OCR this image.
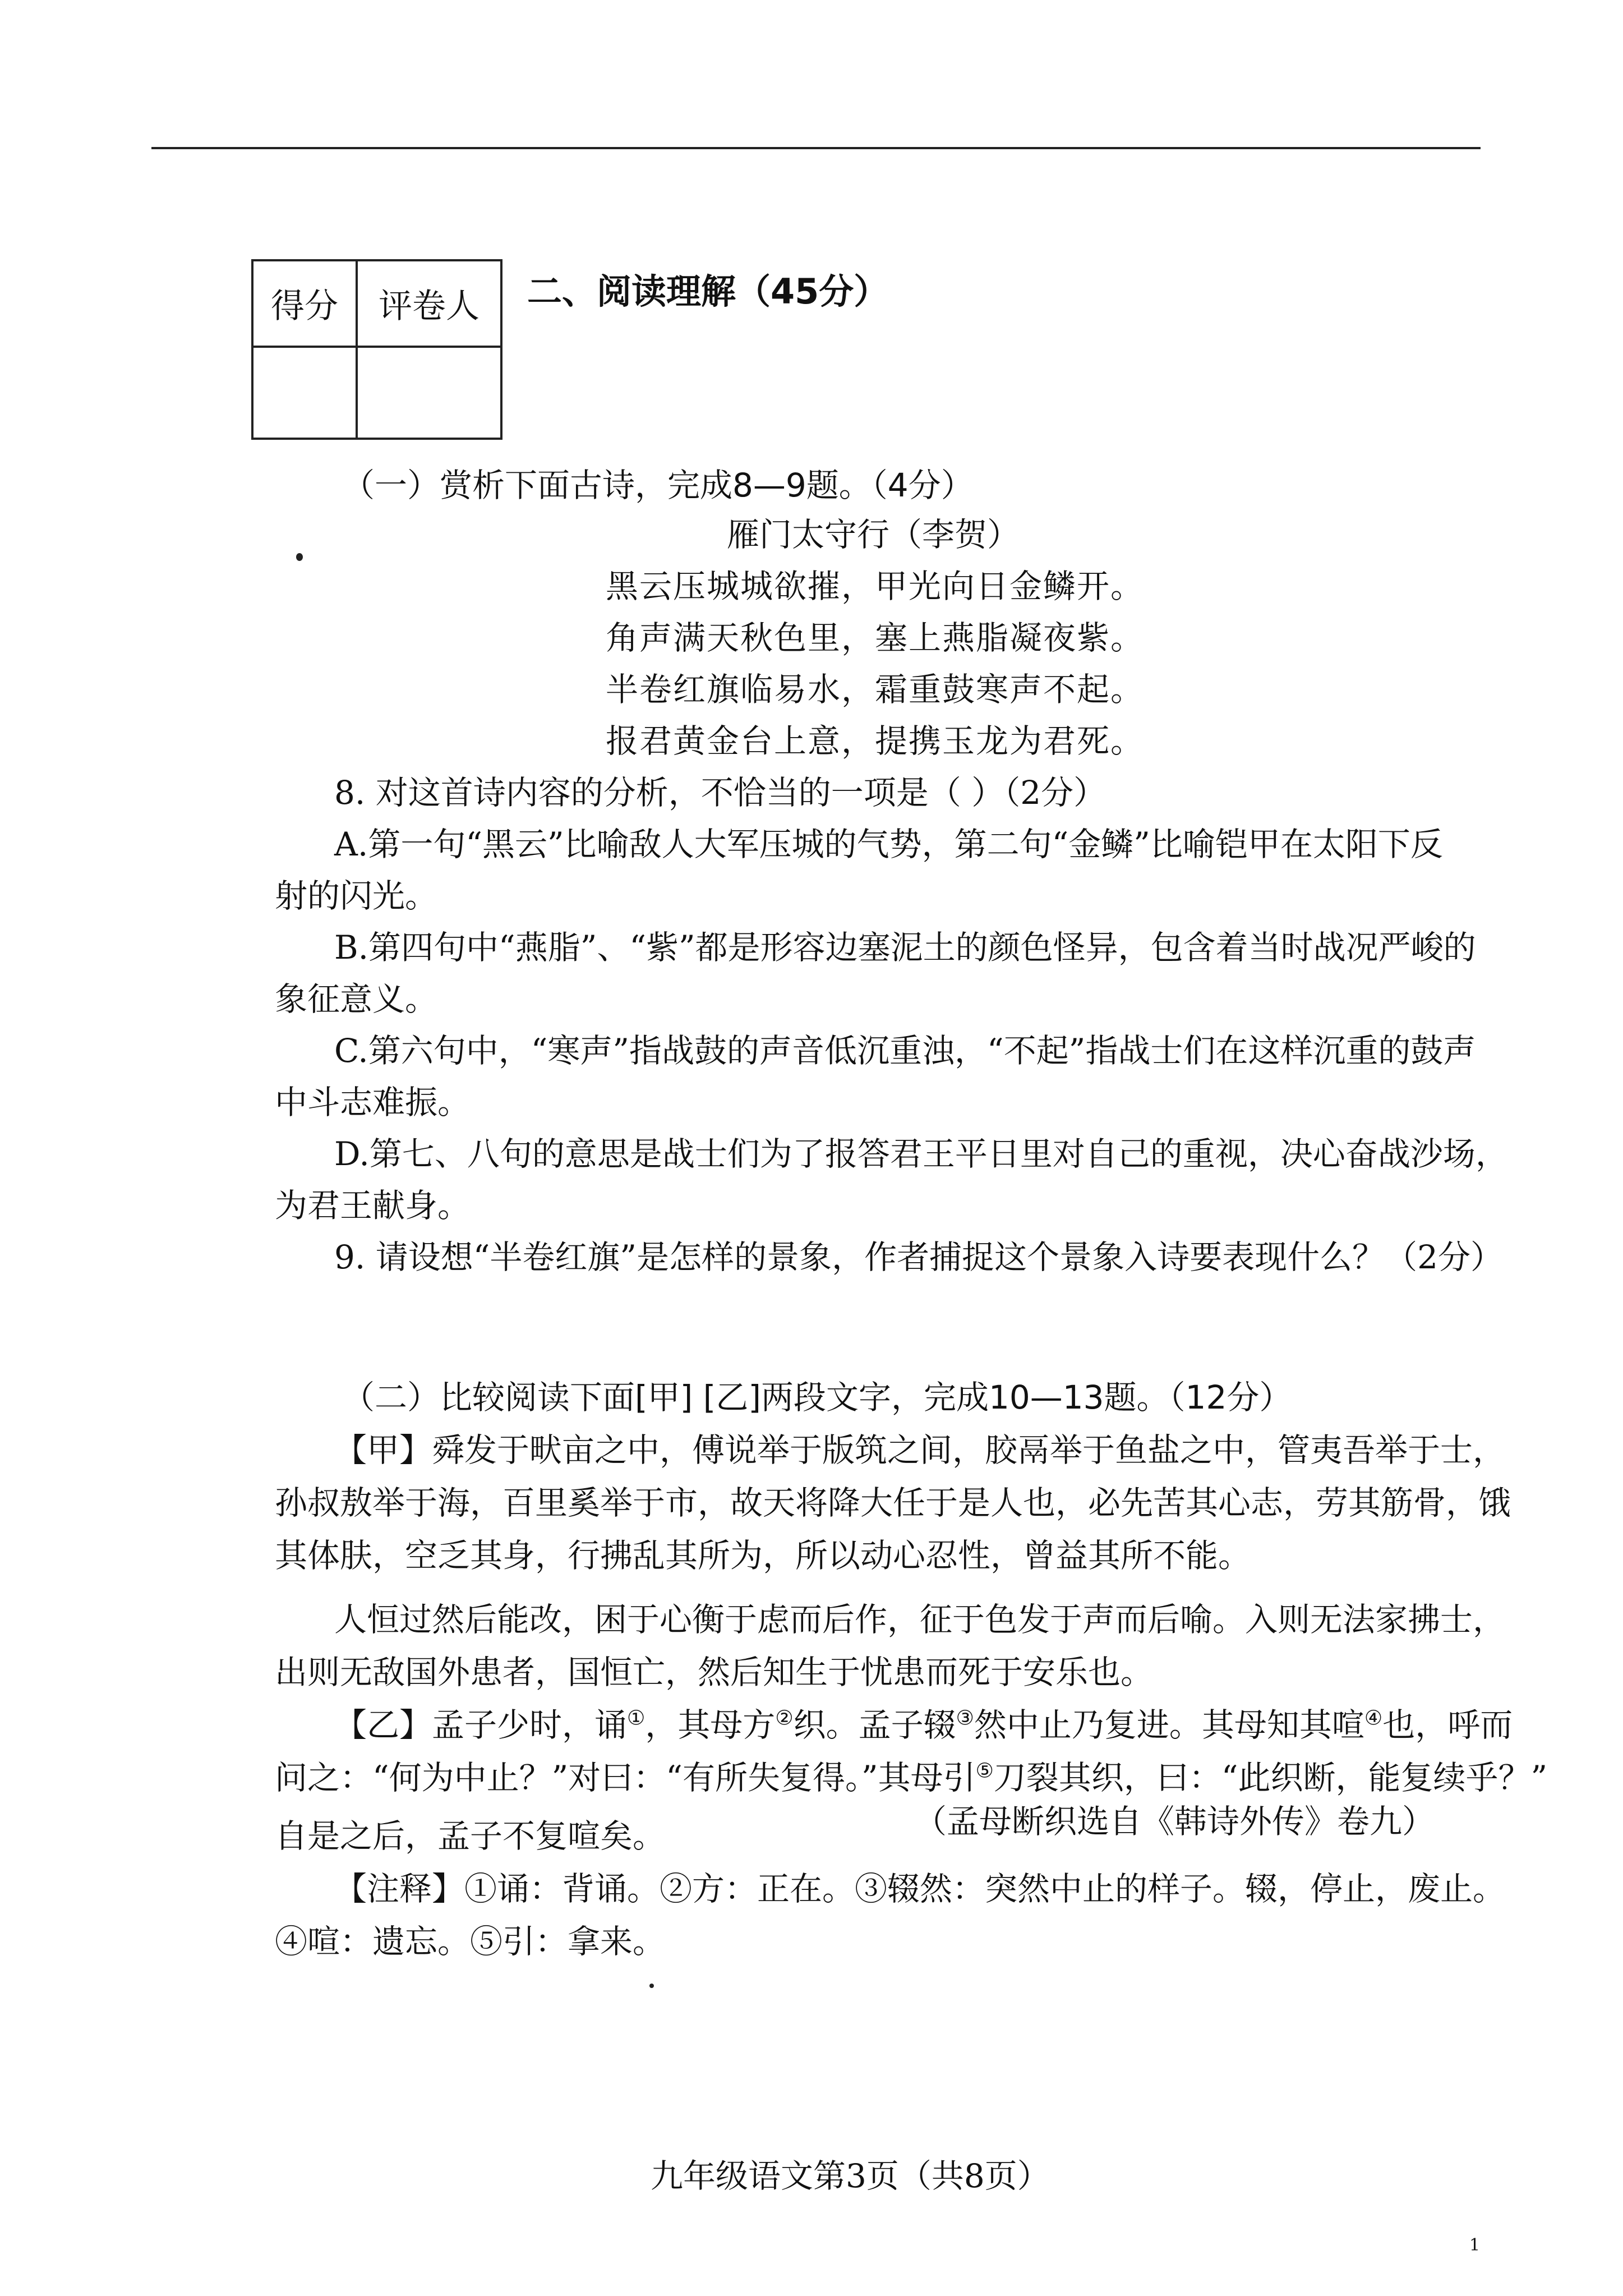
得分	评卷人
	二、阅读理解（45分）
（一）赏析下面古诗，完成8—9题。（4分）
雁门太守行（李贺）
黑云压城城欲摧，甲光向日金鳞开。
角声满天秋色里，塞上燕脂凝夜紫。
半卷红旗临易水，霜重鼓寒声不起。
报君黄金台上意，提携玉龙为君死。
8. 对这首诗内容的分析，不恰当的一项是（ ）（2分）
A.第一句“黑云”比喻敌人大军压城的气势，第二句“金鳞”比喻铠甲在太阳下反
射的闪光。
B.第四句中“燕脂”、“紫”都是形容边塞泥土的颜色怪异，包含着当时战况严峻的
象征意义。
C.第六句中，“寒声”指战鼓的声音低沉重浊，“不起”指战士们在这样沉重的鼓声
中斗志难振。
D.第七、八句的意思是战士们为了报答君王平日里对自己的重视，决心奋战沙场，
为君王献身。
9. 请设想“半卷红旗”是怎样的景象，作者捕捉这个景象入诗要表现什么？（2分）
（二）比较阅读下面[甲] [乙]两段文字，完成10—13题。（12分）
【甲】舜发于畎亩之中，傅说举于版筑之间，胶鬲举于鱼盐之中，管夷吾举于士，
孙叔敖举于海，百里奚举于市，故天将降大任于是人也，必先苦其心志，劳其筋骨，饿
其体肤，空乏其身，行拂乱其所为，所以动心忍性，曾益其所不能。
人恒过然后能改，困于心衡于虑而后作，征于色发于声而后喻。入则无法家拂士，
出则无敌国外患者，国恒亡，然后知生于忧患而死于安乐也。
【乙】孟子少时，诵①，其母方②织。孟子辍③然中止乃复进。其母知其喧④也，呼而
问之：“何为中止？”对曰：“有所失复得。”其母引⑤刀裂其织，曰：“此织断，能复续乎？”
（孟母断织选自《韩诗外传》卷九）
自是之后，孟子不复喧矣。
【注释】①诵：背诵。②方：正在。③辍然：突然中止的样子。辍，停止，废止。
④喧：遗忘。⑤引：拿来。
九年级语文第3页（共8页）
1
